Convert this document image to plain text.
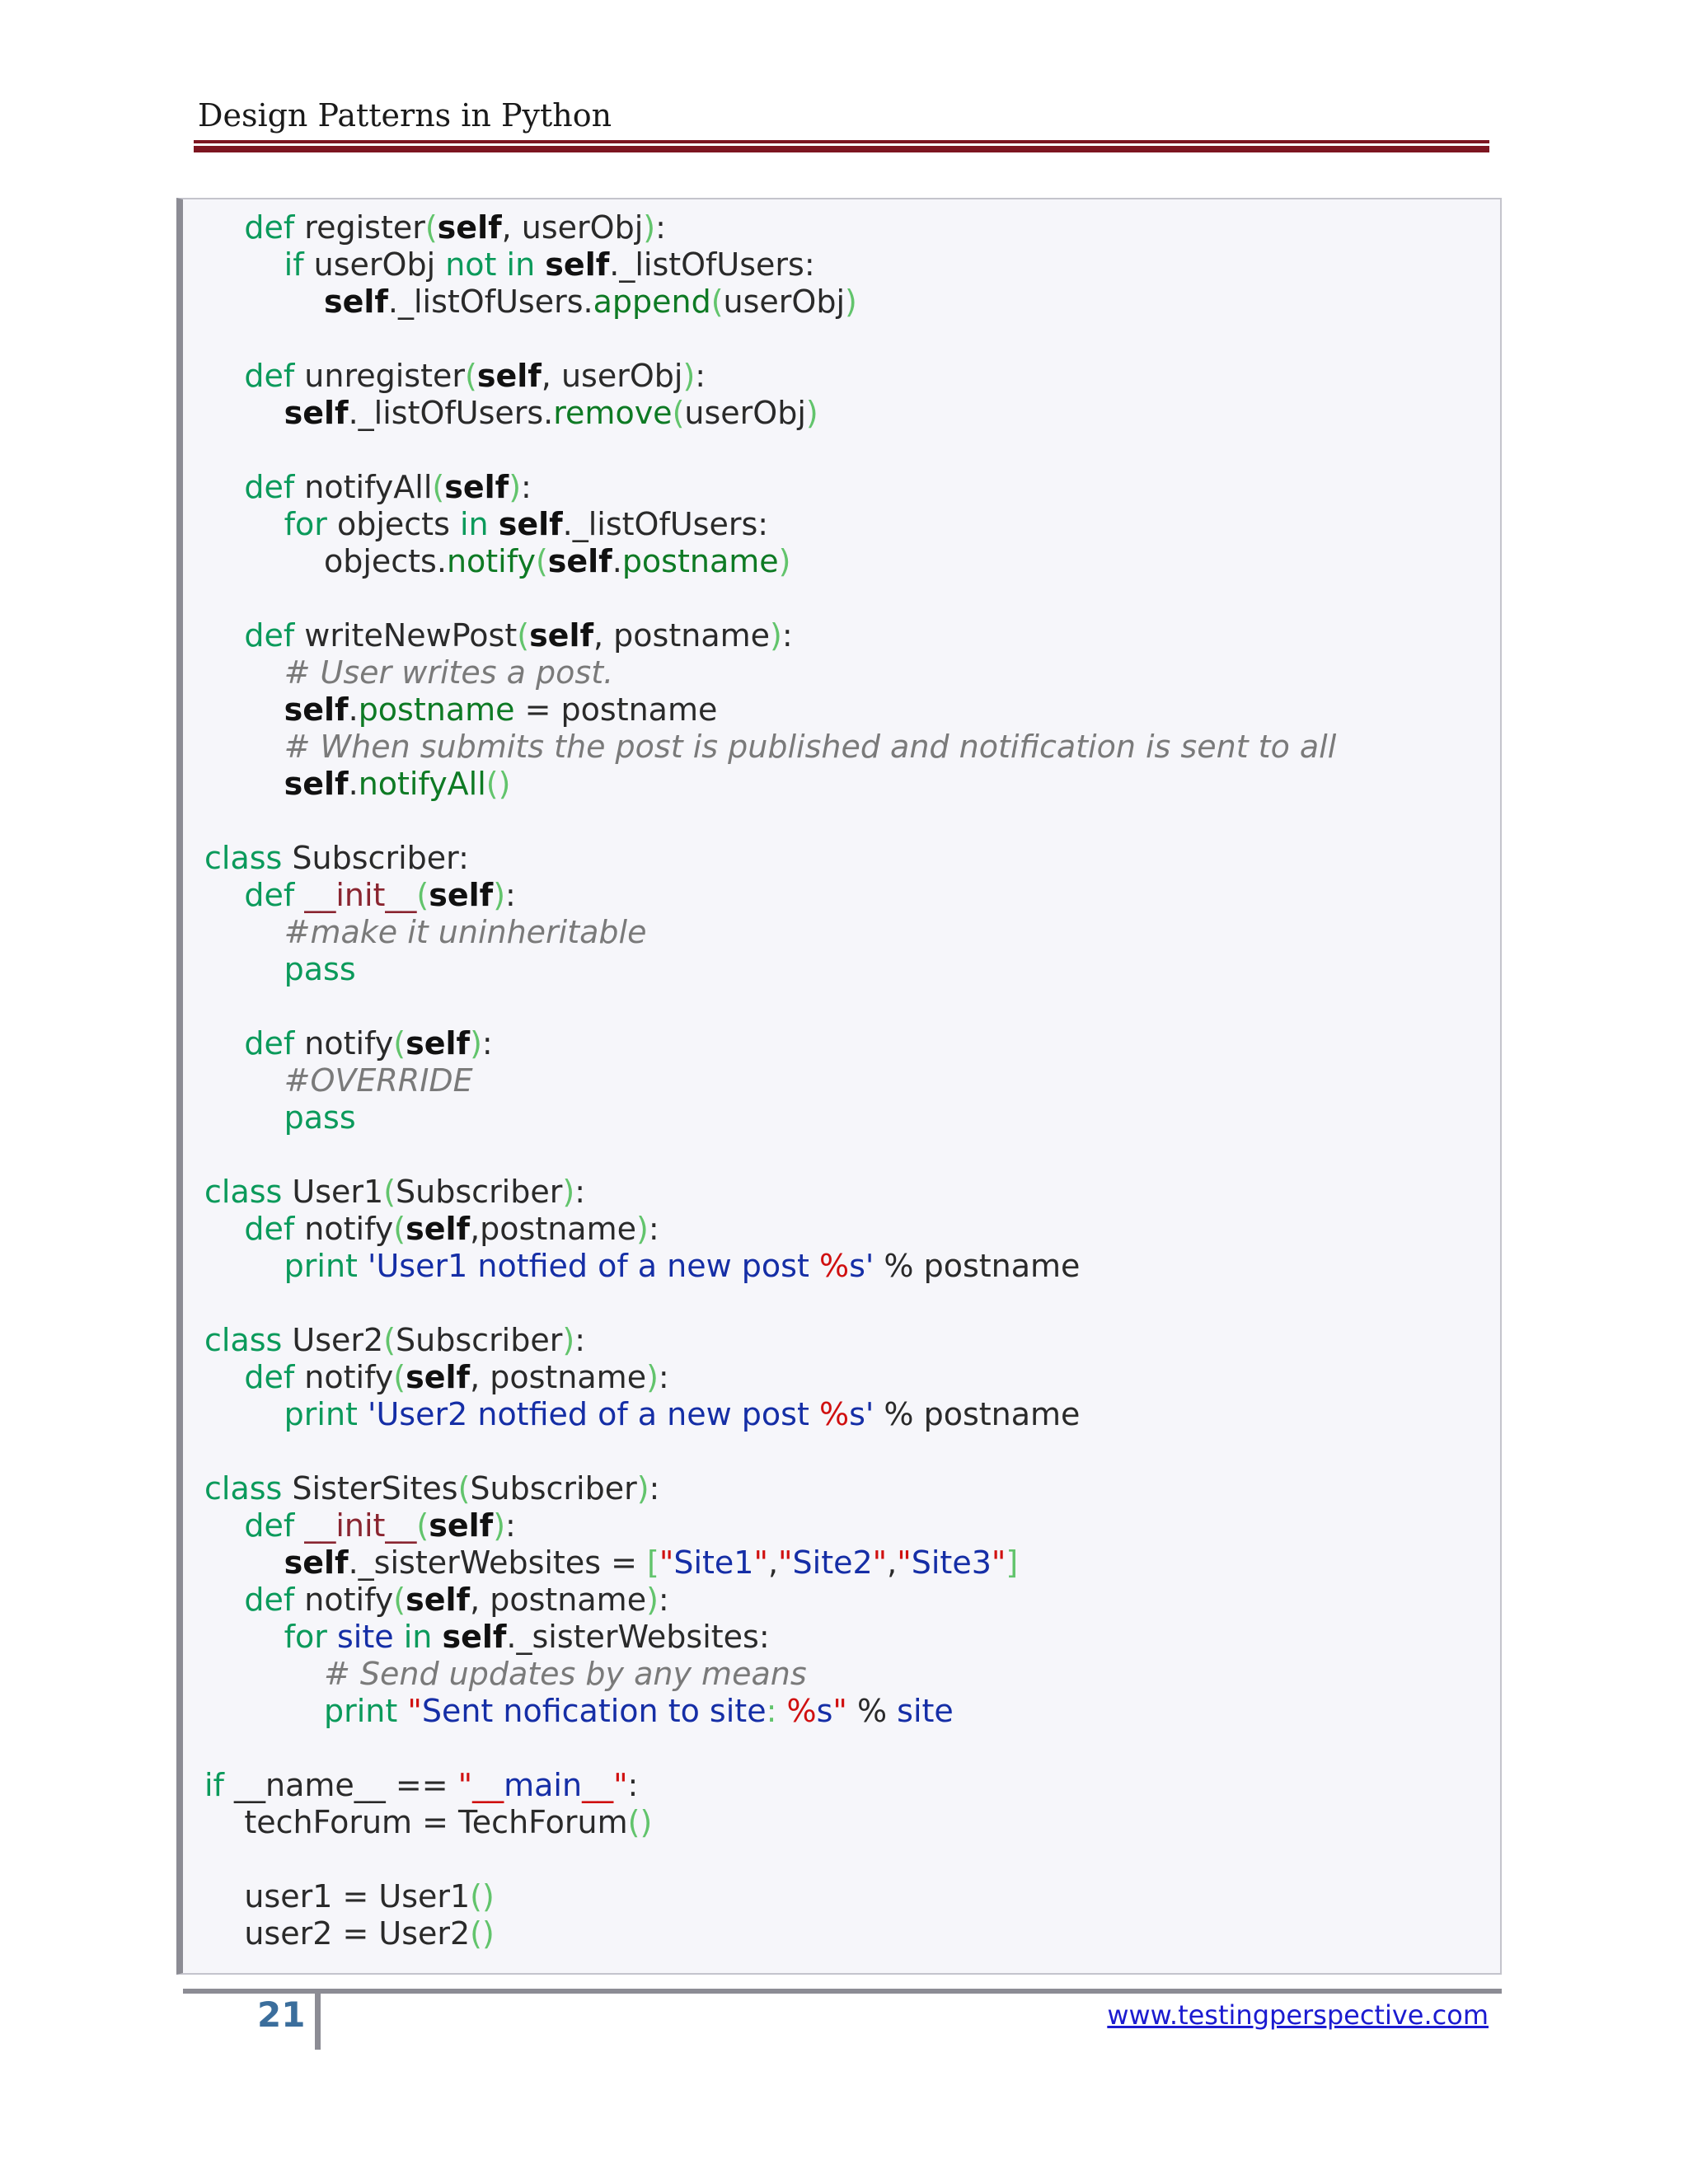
Design Patterns in Python
def register(self, userObj):
if userObj not in self._listOfUsers:
self._listOfUsers.append(userObj)

def unregister(self, userObj):
self._listOfUsers.remove(userObj)

def notifyAll(self):
for objects in self._listOfUsers:
objects.notify(self.postname)

def writeNewPost(self, postname):
# User writes a post.
self.postname = postname
# When submits the post is published and notification is sent to all
self.notifyAll()

class Subscriber:
def __init__(self):
#make it uninheritable
pass

def notify(self):
#OVERRIDE
pass

class User1(Subscriber):
def notify(self,postname):
print 'User1 notfied of a new post %s' % postname

class User2(Subscriber):
def notify(self, postname):
print 'User2 notfied of a new post %s' % postname

class SisterSites(Subscriber):
def __init__(self):
self._sisterWebsites = ["Site1","Site2","Site3"]
def notify(self, postname):
for site in self._sisterWebsites:
# Send updates by any means
print "Sent nofication to site: %s" % site

if __name__ == "__main__":
techForum = TechForum()

user1 = User1()
user2 = User2()
21	www.testingperspective.com
